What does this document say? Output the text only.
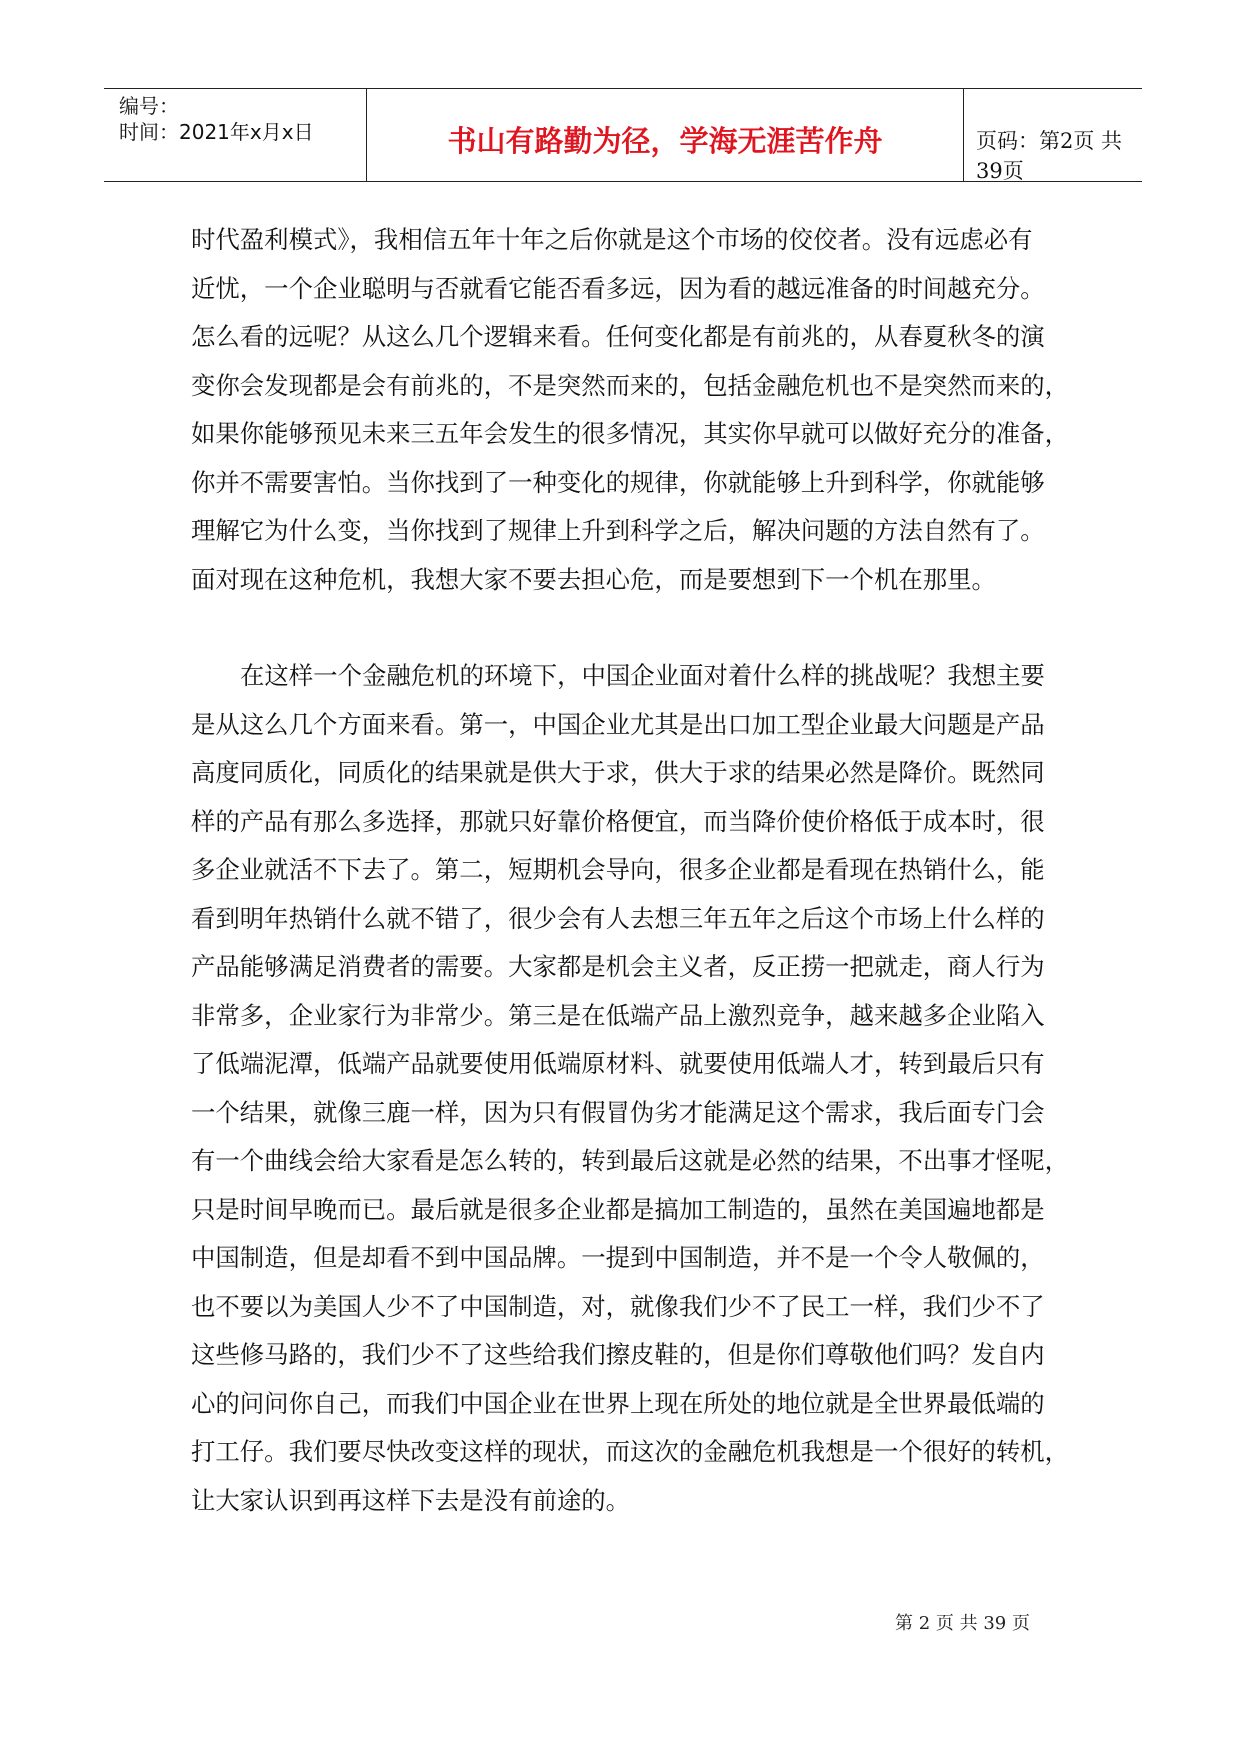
编号：
时间：2021年x月x日	书山有路勤为径，学海无涯苦作舟	页码：第2页 共39页

时代盈利模式》，我相信五年十年之后你就是这个市场的佼佼者。没有远虑必有
近忧，一个企业聪明与否就看它能否看多远，因为看的越远准备的时间越充分。
怎么看的远呢？从这么几个逻辑来看。任何变化都是有前兆的，从春夏秋冬的演
变你会发现都是会有前兆的，不是突然而来的，包括金融危机也不是突然而来的，
如果你能够预见未来三五年会发生的很多情况，其实你早就可以做好充分的准备，
你并不需要害怕。当你找到了一种变化的规律，你就能够上升到科学，你就能够
理解它为什么变，当你找到了规律上升到科学之后，解决问题的方法自然有了。
面对现在这种危机，我想大家不要去担心危，而是要想到下一个机在那里。

在这样一个金融危机的环境下，中国企业面对着什么样的挑战呢？我想主要
是从这么几个方面来看。第一，中国企业尤其是出口加工型企业最大问题是产品
高度同质化，同质化的结果就是供大于求，供大于求的结果必然是降价。既然同
样的产品有那么多选择，那就只好靠价格便宜，而当降价使价格低于成本时，很
多企业就活不下去了。第二，短期机会导向，很多企业都是看现在热销什么，能
看到明年热销什么就不错了，很少会有人去想三年五年之后这个市场上什么样的
产品能够满足消费者的需要。大家都是机会主义者，反正捞一把就走，商人行为
非常多，企业家行为非常少。第三是在低端产品上激烈竞争，越来越多企业陷入
了低端泥潭，低端产品就要使用低端原材料、就要使用低端人才，转到最后只有
一个结果，就像三鹿一样，因为只有假冒伪劣才能满足这个需求，我后面专门会
有一个曲线会给大家看是怎么转的，转到最后这就是必然的结果，不出事才怪呢，
只是时间早晚而已。最后就是很多企业都是搞加工制造的，虽然在美国遍地都是
中国制造，但是却看不到中国品牌。一提到中国制造，并不是一个令人敬佩的，
也不要以为美国人少不了中国制造，对，就像我们少不了民工一样，我们少不了
这些修马路的，我们少不了这些给我们擦皮鞋的，但是你们尊敬他们吗？发自内
心的问问你自己，而我们中国企业在世界上现在所处的地位就是全世界最低端的
打工仔。我们要尽快改变这样的现状，而这次的金融危机我想是一个很好的转机，
让大家认识到再这样下去是没有前途的。

第 2 页 共 39 页
